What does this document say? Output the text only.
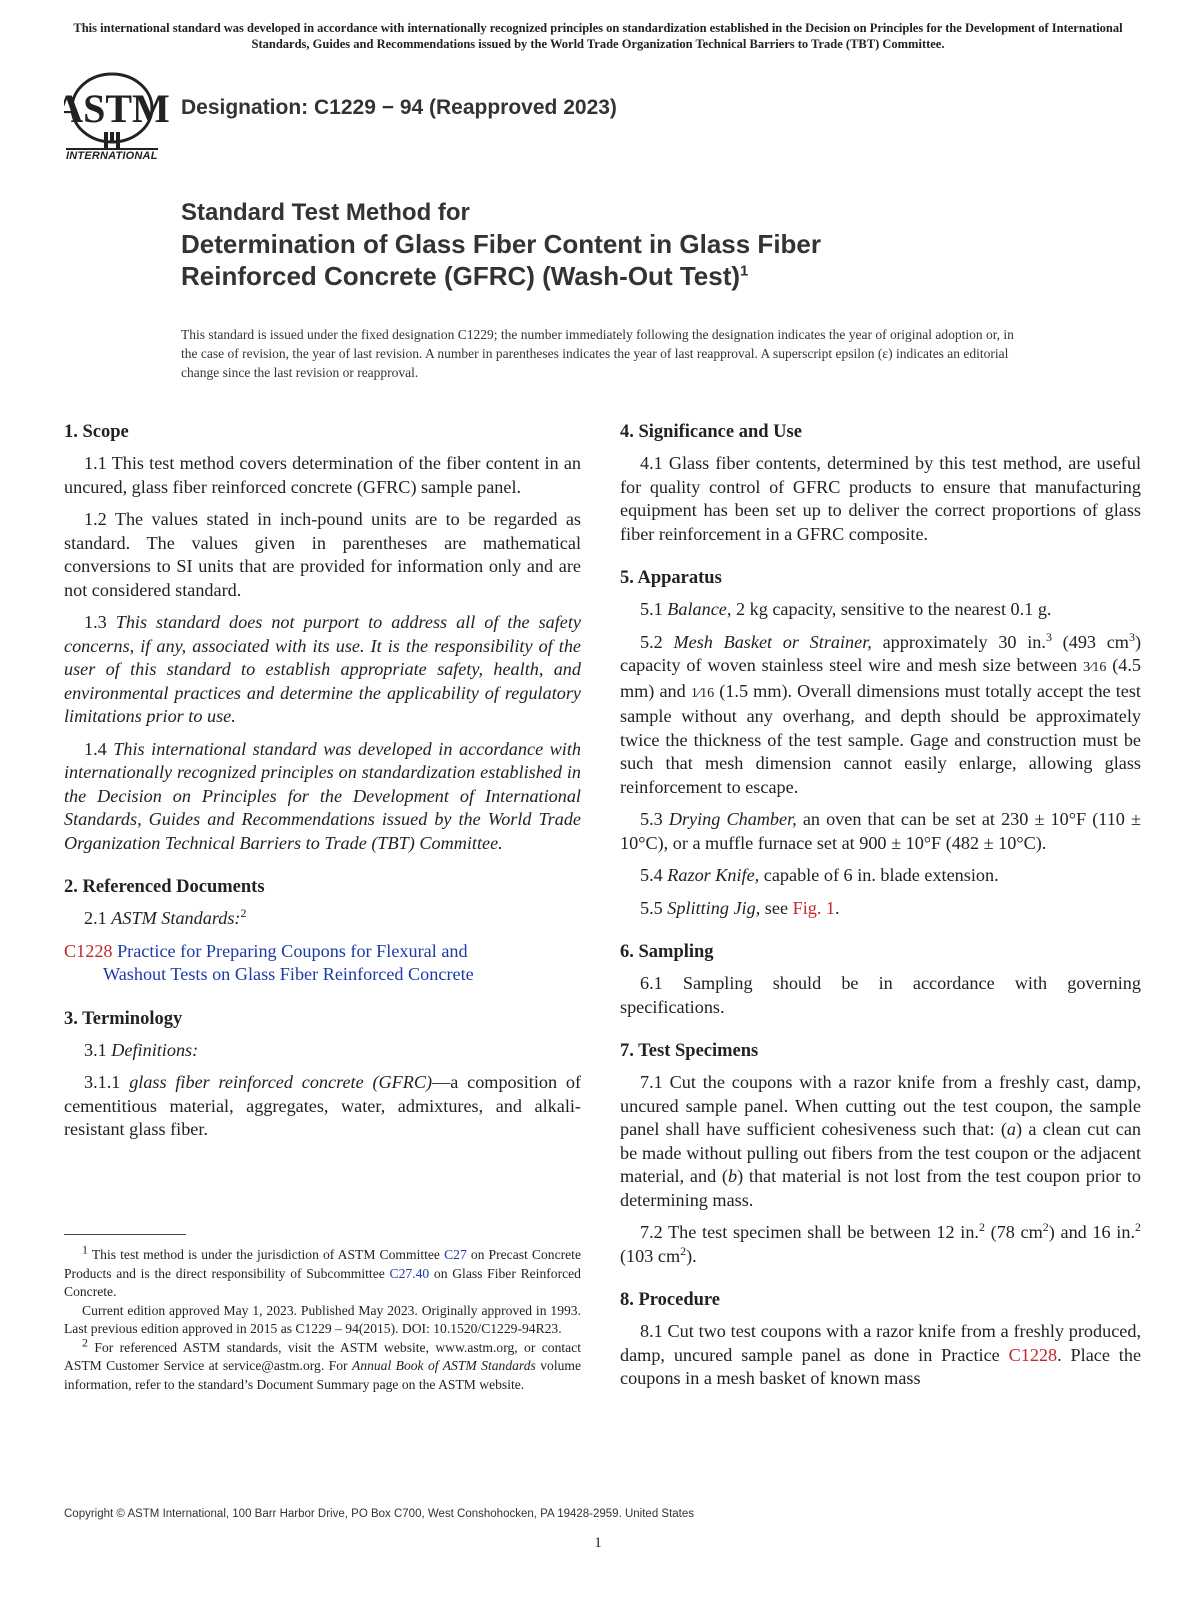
This international standard was developed in accordance with internationally recognized principles on standardization established in the Decision on Principles for the Development of International Standards, Guides and Recommendations issued by the World Trade Organization Technical Barriers to Trade (TBT) Committee.
ASTM
INTERNATIONAL
Designation: C1229 − 94 (Reapproved 2023)
Standard Test Method for
Determination of Glass Fiber Content in Glass Fiber
Reinforced Concrete (GFRC) (Wash-Out Test)$^1$
This standard is issued under the fixed designation C1229; the number immediately following the designation indicates the year of original adoption or, in the case of revision, the year of last revision. A number in parentheses indicates the year of last reapproval. A superscript epsilon (ε) indicates an editorial change since the last revision or reapproval.
1. Scope

1.1 This test method covers determination of the fiber content in an uncured, glass fiber reinforced concrete (GFRC) sample panel.

1.2 The values stated in inch-pound units are to be regarded as standard. The values given in parentheses are mathematical conversions to SI units that are provided for information only and are not considered standard.

1.3 This standard does not purport to address all of the safety concerns, if any, associated with its use. It is the responsibility of the user of this standard to establish appropriate safety, health, and environmental practices and determine the applicability of regulatory limitations prior to use.

1.4 This international standard was developed in accordance with internationally recognized principles on standardization established in the Decision on Principles for the Development of International Standards, Guides and Recommendations issued by the World Trade Organization Technical Barriers to Trade (TBT) Committee.

2. Referenced Documents

2.1 ASTM Standards:$^2$

C1228 Practice for Preparing Coupons for Flexural and
Washout Tests on Glass Fiber Reinforced Concrete
3. Terminology

3.1 Definitions:

3.1.1 glass fiber reinforced concrete (GFRC)—a composition of cementitious material, aggregates, water, admixtures, and alkali-resistant glass fiber.

$^1$ This test method is under the jurisdiction of ASTM Committee C27 on Precast Concrete Products and is the direct responsibility of Subcommittee C27.40 on Glass Fiber Reinforced Concrete.

Current edition approved May 1, 2023. Published May 2023. Originally approved in 1993. Last previous edition approved in 2015 as C1229 – 94(2015). DOI: 10.1520/C1229-94R23.

$^2$ For referenced ASTM standards, visit the ASTM website, www.astm.org, or contact ASTM Customer Service at service@astm.org. For Annual Book of ASTM Standards volume information, refer to the standard’s Document Summary page on the ASTM website.

4. Significance and Use

4.1 Glass fiber contents, determined by this test method, are useful for quality control of GFRC products to ensure that manufacturing equipment has been set up to deliver the correct proportions of glass fiber reinforcement in a GFRC composite.

5. Apparatus

5.1 Balance, 2 kg capacity, sensitive to the nearest 0.1 g.

5.2 Mesh Basket or Strainer, approximately 30 in.$^3$ (493 $cm^3$) capacity of woven stainless steel wire and mesh size between 3⁄16 (4.5 mm) and 1⁄16 (1.5 mm). Overall dimensions must totally accept the test sample without any overhang, and depth should be approximately twice the thickness of the test sample. Gage and construction must be such that mesh dimension cannot easily enlarge, allowing glass reinforcement to escape.

5.3 Drying Chamber, an oven that can be set at 230 ± 10°F (110 ± 10°C), or a muffle furnace set at 900 ± 10°F (482 ± 10°C).

5.4 Razor Knife, capable of 6 in. blade extension.

5.5 Splitting Jig, see Fig. 1.

6. Sampling

6.1 Sampling should be in accordance with governing specifications.

7. Test Specimens

7.1 Cut the coupons with a razor knife from a freshly cast, damp, uncured sample panel. When cutting out the test coupon, the sample panel shall have sufficient cohesiveness such that: (a) a clean cut can be made without pulling out fibers from the test coupon or the adjacent material, and (b) that material is not lost from the test coupon prior to determining mass.

7.2 The test specimen shall be between 12 in.$^2$ (78 $cm^2$) and 16 in.$^2$ (103 $cm^2$).

8. Procedure

8.1 Cut two test coupons with a razor knife from a freshly produced, damp, uncured sample panel as done in Practice C1228. Place the coupons in a mesh basket of known mass

Copyright © ASTM International, 100 Barr Harbor Drive, PO Box C700, West Conshohocken, PA 19428-2959. United States
1
